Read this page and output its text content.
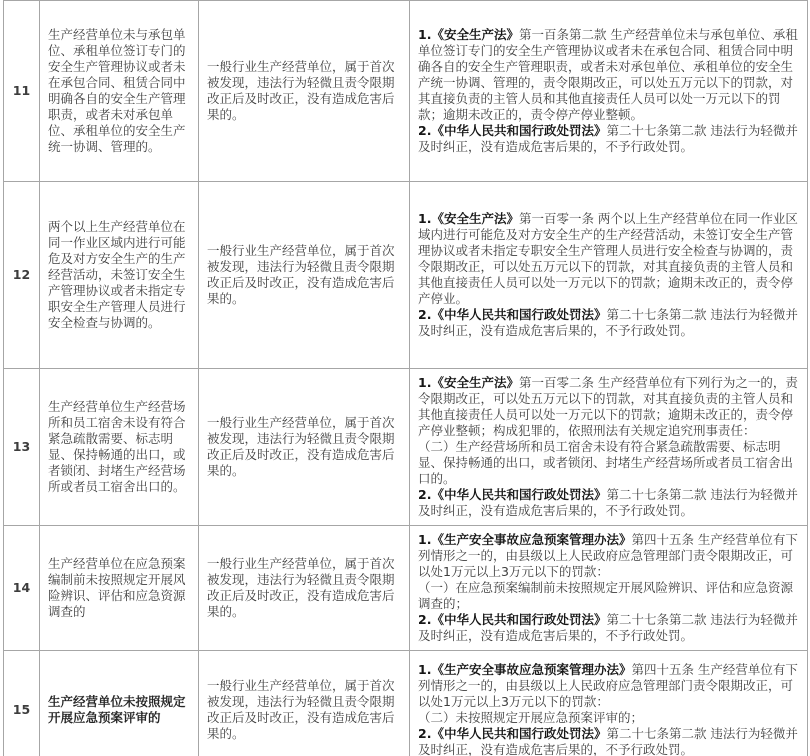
11	生产经营单位未与承包单位、承租单位签订专门的安全生产管理协议或者未在承包合同、租赁合同中明确各自的安全生产管理职责，或者未对承包单位、承租单位的安全生产统一协调、管理的。	一般行业生产经营单位，属于首次被发现，违法行为轻微且责令限期改正后及时改正，没有造成危害后果的。	1.《安全生产法》第一百条第二款 生产经营单位未与承包单位、承租单位签订专门的安全生产管理协议或者未在承包合同、租赁合同中明确各自的安全生产管理职责，或者未对承包单位、承租单位的安全生产统一协调、管理的，责令限期改正，可以处五万元以下的罚款，对其直接负责的主管人员和其他直接责任人员可以处一万元以下的罚款；逾期未改正的，责令停产停业整顿。
2.《中华人民共和国行政处罚法》第二十七条第二款 违法行为轻微并及时纠正，没有造成危害后果的，不予行政处罚。

12	两个以上生产经营单位在同一作业区域内进行可能危及对方安全生产的生产经营活动，未签订安全生产管理协议或者未指定专职安全生产管理人员进行安全检查与协调的。	一般行业生产经营单位，属于首次被发现，违法行为轻微且责令限期改正后及时改正，没有造成危害后果的。	1.《安全生产法》第一百零一条 两个以上生产经营单位在同一作业区域内进行可能危及对方安全生产的生产经营活动，未签订安全生产管理协议或者未指定专职安全生产管理人员进行安全检查与协调的，责令限期改正，可以处五万元以下的罚款，对其直接负责的主管人员和其他直接责任人员可以处一万元以下的罚款；逾期未改正的，责令停产停业。
2.《中华人民共和国行政处罚法》第二十七条第二款 违法行为轻微并及时纠正，没有造成危害后果的，不予行政处罚。

13	生产经营单位生产经营场所和员工宿舍未设有符合紧急疏散需要、标志明显、保持畅通的出口，或者锁闭、封堵生产经营场所或者员工宿舍出口的。	一般行业生产经营单位，属于首次被发现，违法行为轻微且责令限期改正后及时改正，没有造成危害后果的。	1.《安全生产法》第一百零二条 生产经营单位有下列行为之一的，责令限期改正，可以处五万元以下的罚款，对其直接负责的主管人员和其他直接责任人员可以处一万元以下的罚款；逾期未改正的，责令停产停业整顿；构成犯罪的，依照刑法有关规定追究刑事责任：
（二）生产经营场所和员工宿舍未设有符合紧急疏散需要、标志明显、保持畅通的出口，或者锁闭、封堵生产经营场所或者员工宿舍出口的。
2.《中华人民共和国行政处罚法》第二十七条第二款 违法行为轻微并及时纠正，没有造成危害后果的，不予行政处罚。

14	生产经营单位在应急预案编制前未按照规定开展风险辨识、评估和应急资源调查的	一般行业生产经营单位，属于首次被发现，违法行为轻微且责令限期改正后及时改正，没有造成危害后果的。	1.《生产安全事故应急预案管理办法》第四十五条 生产经营单位有下列情形之一的，由县级以上人民政府应急管理部门责令限期改正，可以处1万元以上3万元以下的罚款：
（一）在应急预案编制前未按照规定开展风险辨识、评估和应急资源调查的；
2.《中华人民共和国行政处罚法》第二十七条第二款 违法行为轻微并及时纠正，没有造成危害后果的，不予行政处罚。

15	生产经营单位未按照规定开展应急预案评审的	一般行业生产经营单位，属于首次被发现，违法行为轻微且责令限期改正后及时改正，没有造成危害后果的。	1.《生产安全事故应急预案管理办法》第四十五条 生产经营单位有下列情形之一的，由县级以上人民政府应急管理部门责令限期改正，可以处1万元以上3万元以下的罚款：
（二）未按照规定开展应急预案评审的；
2.《中华人民共和国行政处罚法》第二十七条第二款 违法行为轻微并及时纠正，没有造成危害后果的，不予行政处罚。
